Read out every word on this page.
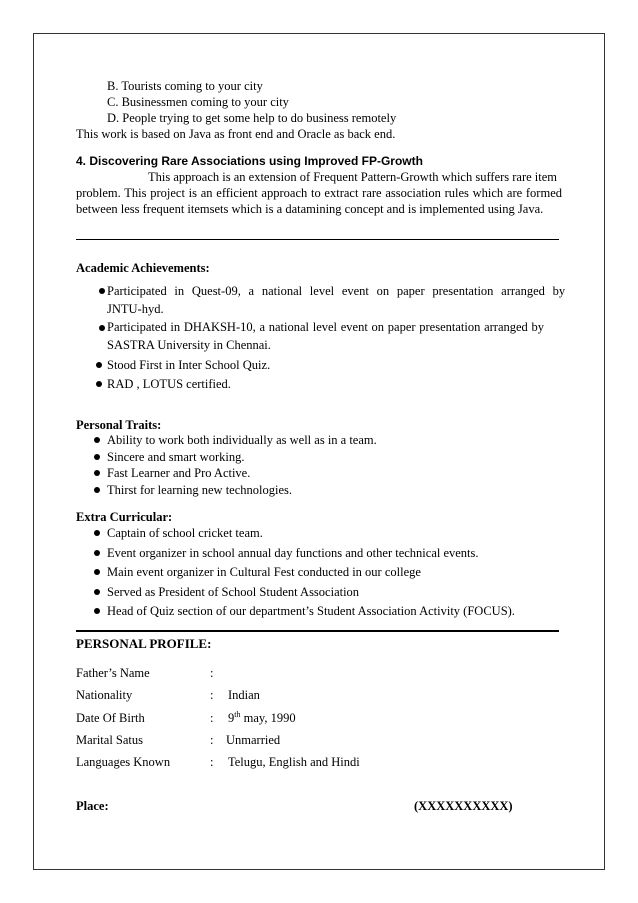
B. Tourists coming to your city
C. Businessmen coming to your city
D. People trying to get some help to do business remotely
This work is based on Java as front end and Oracle as back end.
4. Discovering Rare Associations using Improved FP-Growth
This approach is an extension of Frequent Pattern-Growth which suffers rare item
problem. This project is an efficient approach to extract rare association rules which are formed between less frequent itemsets which is a datamining concept and is implemented using Java.
Academic Achievements:
Participated in Quest-09, a national level event on paper presentation arranged by
JNTU-hyd.
Participated in DHAKSH-10, a national level event on paper presentation arranged by
SASTRA University in Chennai.
Stood First in Inter School Quiz.
RAD , LOTUS certified.
Personal Traits:
Ability to work both individually as well as in a team.
Sincere and smart working.
Fast Learner and Pro Active.
Thirst for learning new technologies.
Extra Curricular:
Captain of school cricket team.
Event organizer in school annual day functions and other technical events.
Main event organizer in Cultural Fest conducted in our college
Served as President of School Student Association
Head of Quiz section of our department’s Student Association Activity (FOCUS).
PERSONAL PROFILE:
Father’s Name	:
Nationality	: Indian
Date Of Birth	: 9th may, 1990
Marital Satus	: Unmarried
Languages Known	: Telugu, English and Hindi
Place:	(XXXXXXXXXX)
